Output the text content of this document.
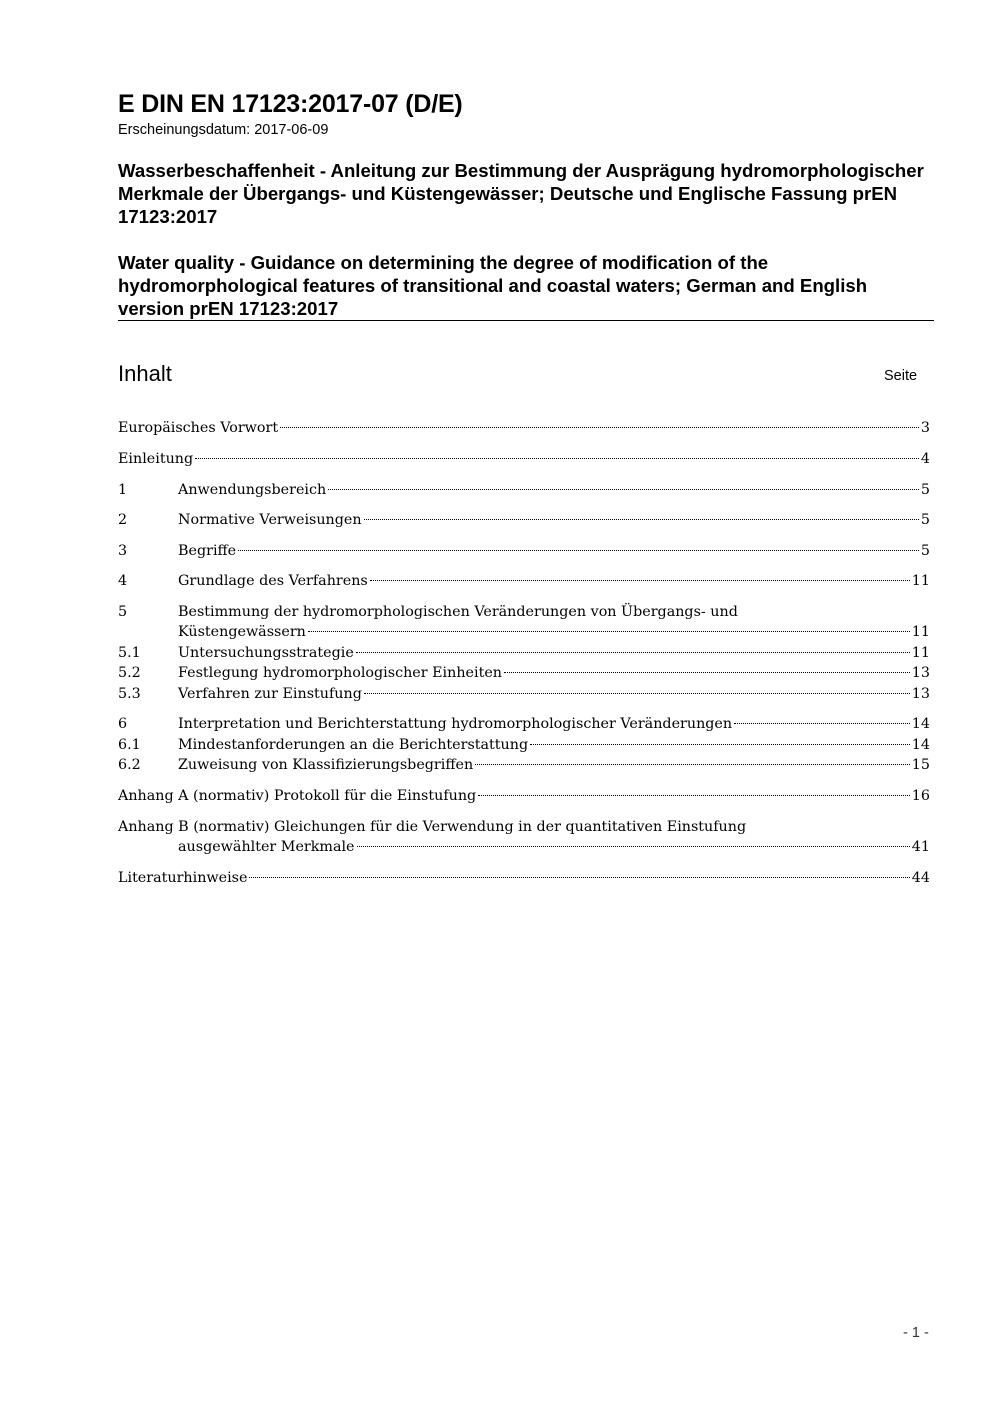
E DIN EN 17123:2017-07 (D/E)
Erscheinungsdatum: 2017-06-09
Wasserbeschaffenheit - Anleitung zur Bestimmung der Ausprägung hydromorphologischer Merkmale der Übergangs- und Küstengewässer; Deutsche und Englische Fassung prEN 17123:2017
Water quality - Guidance on determining the degree of modification of the hydromorphological features of transitional and coastal waters; German and English version prEN 17123:2017
Inhalt	Seite
Europäisches Vorwort	3
Einleitung	4
1	Anwendungsbereich	5
2	Normative Verweisungen	5
3	Begriffe	5
4	Grundlage des Verfahrens	11
5	Bestimmung der hydromorphologischen Veränderungen von Übergangs- und
Küstengewässern	11
5.1	Untersuchungsstrategie	11
5.2	Festlegung hydromorphologischer Einheiten	13
5.3	Verfahren zur Einstufung	13
6	Interpretation und Berichterstattung hydromorphologischer Veränderungen	14
6.1	Mindestanforderungen an die Berichterstattung	14
6.2	Zuweisung von Klassifizierungsbegriffen	15
Anhang A (normativ) Protokoll für die Einstufung	16
Anhang B (normativ) Gleichungen für die Verwendung in der quantitativen Einstufung
ausgewählter Merkmale	41
Literaturhinweise	44
- 1 -
